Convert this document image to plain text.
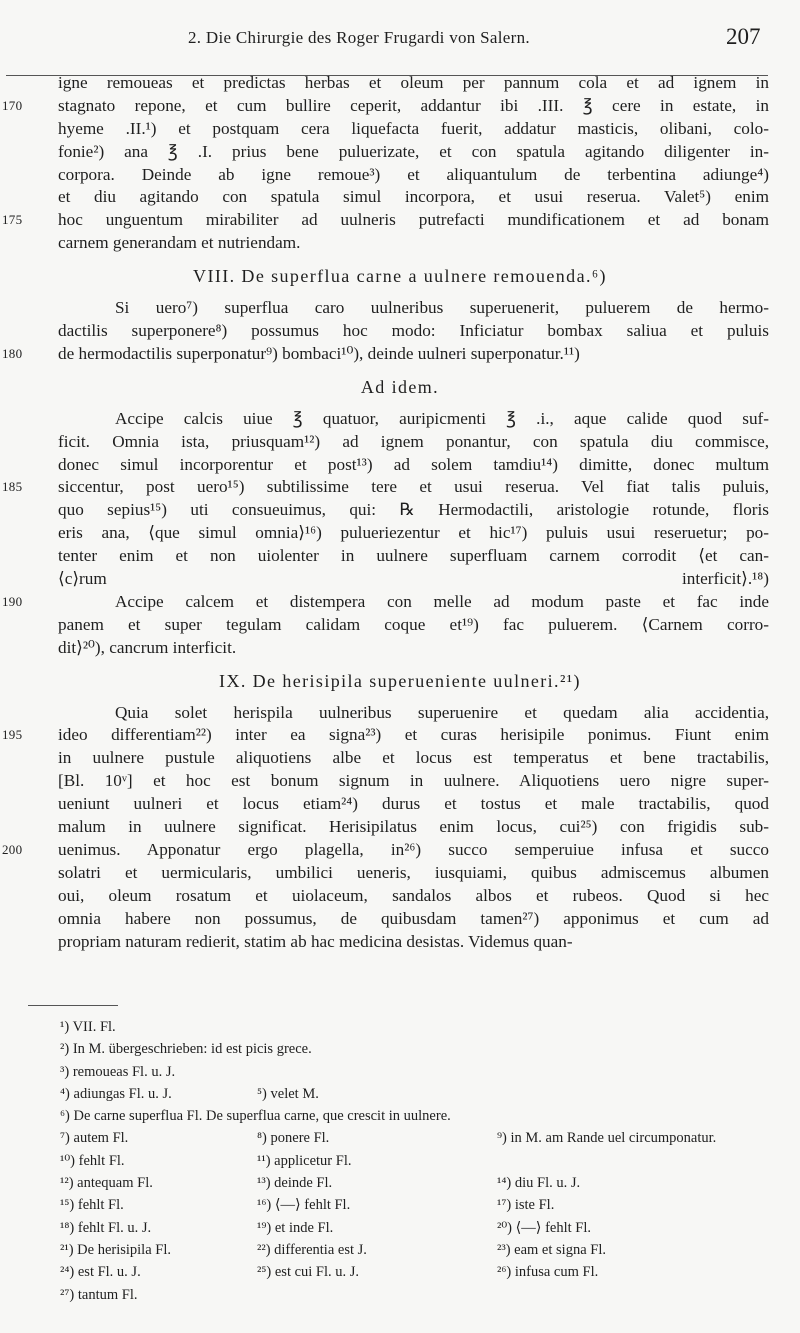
2. Die Chirurgie des Roger Frugardi von Salern.	207
igne remoueas et predictas herbas et oleum per pannum cola et ad ignem in
170	stagnato repone, et cum bullire ceperit, addantur ibi .III. ℥ cere in estate, in
hyeme .II.¹) et postquam cera liquefacta fuerit, addatur masticis, olibani, colo-
fonie²) ana ℥ .I. prius bene puluerizate, et con spatula agitando diligenter in-
corpora. Deinde ab igne remoue³) et aliquantulum de terbentina adiunge⁴)
et diu agitando con spatula simul incorpora, et usui reserua. Valet⁵) enim
175	hoc unguentum mirabiliter ad uulneris putrefacti mundificationem et ad bonam
carnem generandam et nutriendam.
VIII. De superflua carne a uulnere remouenda.⁶)
Si uero⁷) superflua caro uulneribus superuenerit, puluerem de hermo-
dactilis superponere⁸) possumus hoc modo: Inficiatur bombax saliua et puluis
180	de hermodactilis superponatur⁹) bombaci¹⁰), deinde uulneri superponatur.¹¹)
Ad idem.
Accipe calcis uiue ℥ quatuor, auripicmenti ℥ .i., aque calide quod suf-
ficit. Omnia ista, priusquam¹²) ad ignem ponantur, con spatula diu commisce,
donec simul incorporentur et post¹³) ad solem tamdiu¹⁴) dimitte, donec multum
185	siccentur, post uero¹⁵) subtilissime tere et usui reserua. Vel fiat talis puluis,
quo sepius¹⁵) uti consueuimus, qui: ℞ Hermodactili, aristologie rotunde, floris
eris ana, ⟨que simul omnia⟩¹⁶) pulueriezentur et hic¹⁷) puluis usui reseruetur; po-
tenter enim et non uiolenter in uulnere superfluam carnem corrodit ⟨et can-
⟨c⟩rum interficit⟩.¹⁸)
190	Accipe calcem et distempera con melle ad modum paste et fac inde
panem et super tegulam calidam coque et¹⁹) fac puluerem. ⟨Carnem corro-
dit⟩²⁰), cancrum interficit.
IX. De herisipila superueniente uulneri.²¹)
Quia solet herispila uulneribus superuenire et quedam alia accidentia,
195	ideo differentiam²²) inter ea signa²³) et curas herisipile ponimus. Fiunt enim
in uulnere pustule aliquotiens albe et locus est temperatus et bene tractabilis,
[Bl. 10ᵛ] et hoc est bonum signum in uulnere. Aliquotiens uero nigre super-
ueniunt uulneri et locus etiam²⁴) durus et tostus et male tractabilis, quod
malum in uulnere significat. Herisipilatus enim locus, cui²⁵) con frigidis sub-
200	uenimus. Apponatur ergo plagella, in²⁶) succo semperuiue infusa et succo
solatri et uermicularis, umbilici ueneris, iusquiami, quibus admiscemus albumen
oui, oleum rosatum et uiolaceum, sandalos albos et rubeos. Quod si hec
omnia habere non possumus, de quibusdam tamen²⁷) apponimus et cum ad
propriam naturam redierit, statim ab hac medicina desistas. Videmus quan-
¹) VII. Fl.
²) In M. übergeschrieben: id est picis grece.
³) remoueas Fl. u. J.
⁴) adiungas Fl. u. J.	⁵) velet M.
⁶) De carne superflua Fl. De superflua carne, que crescit in uulnere.
⁷) autem Fl.	⁸) ponere Fl.	⁹) in M. am Rande uel circumponatur.
¹⁰) fehlt Fl.	¹¹) applicetur Fl.
¹²) antequam Fl.	¹³) deinde Fl.	¹⁴) diu Fl. u. J.
¹⁵) fehlt Fl.	¹⁶) ⟨—⟩ fehlt Fl.	¹⁷) iste Fl.
¹⁸) fehlt Fl. u. J.	¹⁹) et inde Fl.	²⁰) ⟨—⟩ fehlt Fl.
²¹) De herisipila Fl.	²²) differentia est J.	²³) eam et signa Fl.
²⁴) est Fl. u. J.	²⁵) est cui Fl. u. J.	²⁶) infusa cum Fl.
²⁷) tantum Fl.
